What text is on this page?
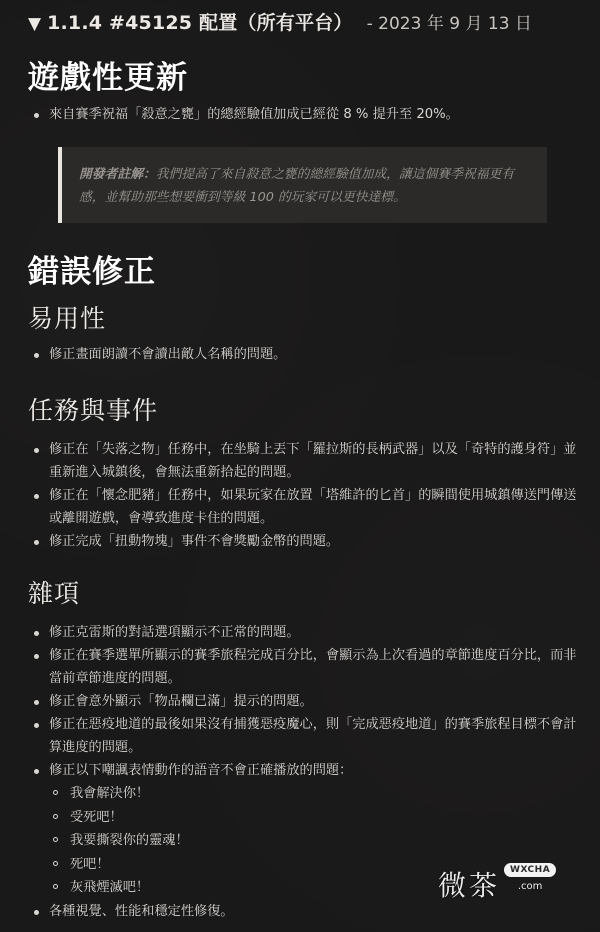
▼ 1.1.4 #45125 配置（所有平台） - 2023 年 9 月 13 日
遊戲性更新
來自賽季祝福「殺意之甕」的總經驗值加成已經從 8 % 提升至 20%。
開發者註解：我們提高了來自殺意之甕的總經驗值加成，讓這個賽季祝福更有感，並幫助那些想要衝到等級 100 的玩家可以更快達標。
錯誤修正
易用性
修正畫面朗讀不會讀出敵人名稱的問題。
任務與事件
修正在「失落之物」任務中，在坐騎上丟下「羅拉斯的長柄武器」以及「奇特的護身符」並重新進入城鎮後，會無法重新拾起的問題。
修正在「懷念肥豬」任務中，如果玩家在放置「塔維許的匕首」的瞬間使用城鎮傳送門傳送或離開遊戲，會導致進度卡住的問題。
修正完成「扭動物塊」事件不會獎勵金幣的問題。
雜項
修正克雷斯的對話選項顯示不正常的問題。
修正在賽季選單所顯示的賽季旅程完成百分比，會顯示為上次看過的章節進度百分比，而非當前章節進度的問題。
修正會意外顯示「物品欄已滿」提示的問題。
修正在惡疫地道的最後如果沒有捕獲惡疫魔心，則「完成惡疫地道」的賽季旅程目標不會計算進度的問題。
修正以下嘲諷表情動作的語音不會正確播放的問題：
我會解決你！
受死吧！
我要撕裂你的靈魂！
死吧！
灰飛煙滅吧！
各種視覺、性能和穩定性修復。
微茶	WXCHA
.com
